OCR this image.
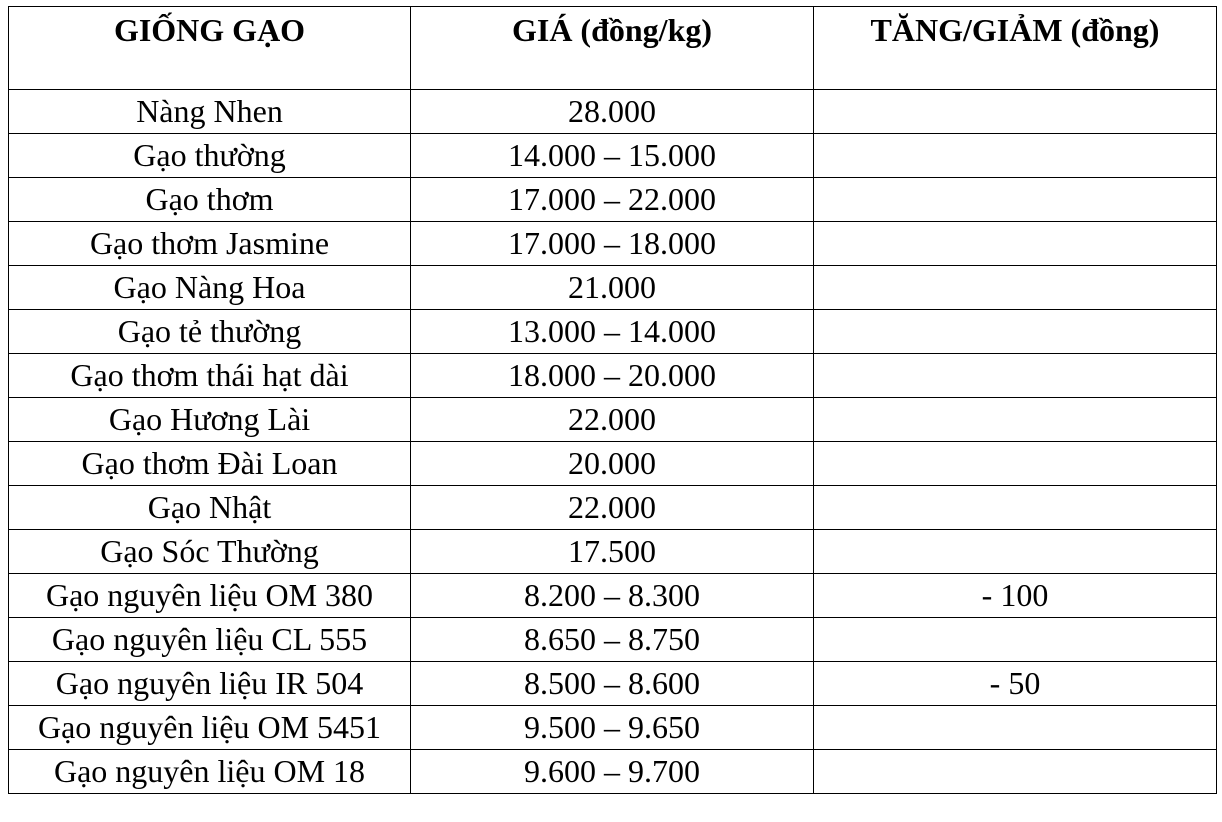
GIỐNG GẠO	GIÁ (đồng/kg)	TĂNG/GIẢM (đồng)
Nàng Nhen	28.000	
Gạo thường	14.000 – 15.000	
Gạo thơm	17.000 – 22.000	
Gạo thơm Jasmine	17.000 – 18.000	
Gạo Nàng Hoa	21.000	
Gạo tẻ thường	13.000 – 14.000	
Gạo thơm thái hạt dài	18.000 – 20.000	
Gạo Hương Lài	22.000	
Gạo thơm Đài Loan	20.000	
Gạo Nhật	22.000	
Gạo Sóc Thường	17.500	
Gạo nguyên liệu OM 380	8.200 – 8.300	- 100
Gạo nguyên liệu CL 555	8.650 – 8.750	
Gạo nguyên liệu IR 504	8.500 – 8.600	- 50
Gạo nguyên liệu OM 5451	9.500 – 9.650	
Gạo nguyên liệu OM 18	9.600 – 9.700	
